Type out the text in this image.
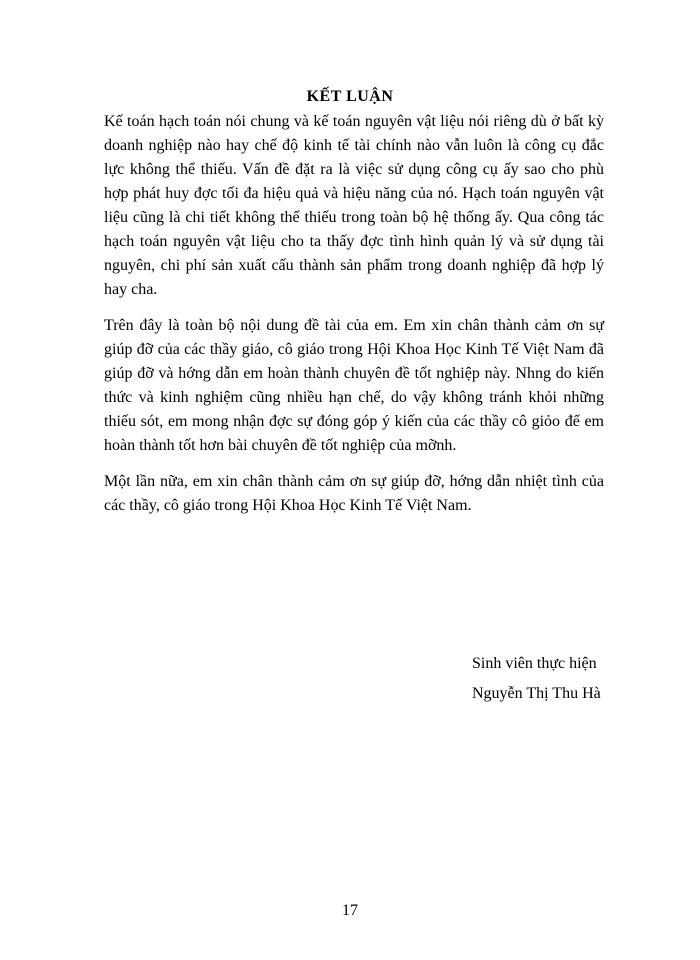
KẾT LUẬN

Kế toán hạch toán nói chung và kế toán nguyên vật liệu nói riêng dù ở bất kỳ doanh nghiệp nào hay chế độ kinh tế tài chính nào vẫn luôn là công cụ đắc lực không thể thiếu. Vấn đề đặt ra là việc sử dụng công cụ ấy sao cho phù hợp phát huy đợc tối đa hiệu quả và hiệu năng của nó. Hạch toán nguyên vật liệu cũng là chi tiết không thể thiếu trong toàn bộ hệ thống ấy. Qua công tác hạch toán nguyên vật liệu cho ta thấy đợc tình hình quản lý và sử dụng tài nguyên, chi phí sản xuất cấu thành sản phẩm trong doanh nghiệp đã hợp lý hay cha.

Trên đây là toàn bộ nội dung đề tài của em. Em xin chân thành cảm ơn sự giúp đỡ của các thầy giáo, cô giáo trong Hội Khoa Học Kinh Tế Việt Nam đã giúp đỡ và hớng dẫn em hoàn thành chuyên đề tốt nghiệp này. Nhng do kiến thức và kinh nghiệm cũng nhiều hạn chế, do vậy không tránh khỏi những thiếu sót, em mong nhận đợc sự đóng góp ý kiến của các thầy cô giỏo để em hoàn thành tốt hơn bài chuyên đề tốt nghiệp của mỡnh.

Một lần nữa, em xin chân thành cảm ơn sự giúp đỡ, hớng dẫn nhiệt tình của các thầy, cô giáo trong Hội Khoa Học Kinh Tế Việt Nam.

Sinh viên thực hiện
Nguyễn Thị Thu Hà
17
